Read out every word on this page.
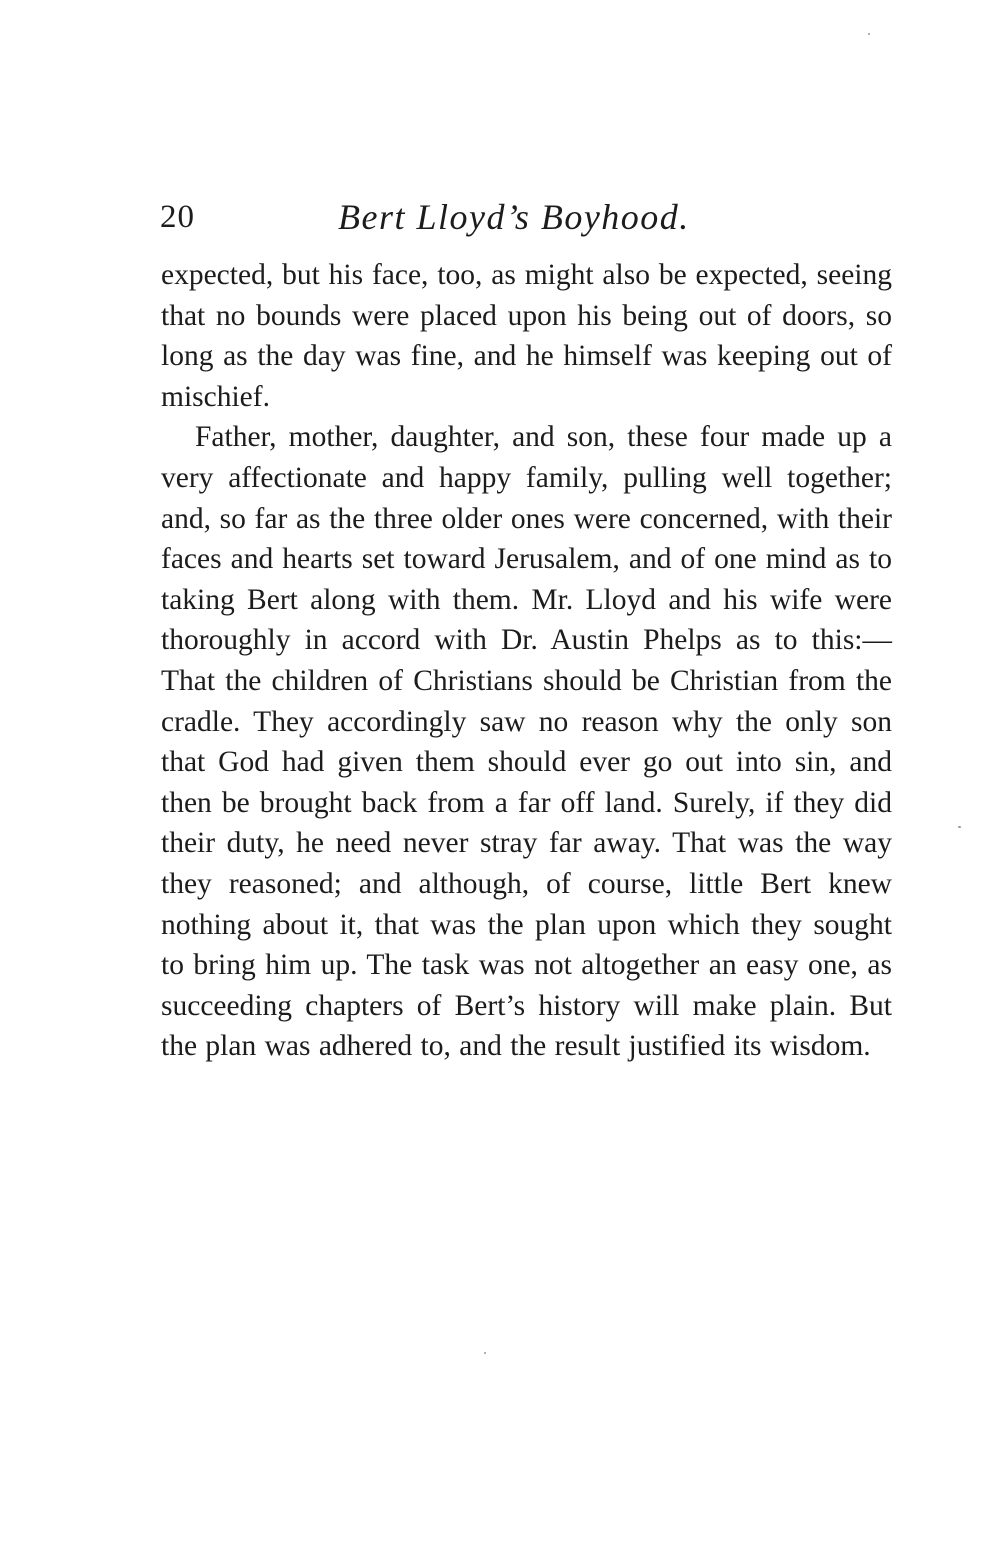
20	Bert Lloyd’s Boyhood.

expected, but his face, too, as might also be expected, seeing that no bounds were placed upon his being out of doors, so long as the day was fine, and he himself was keeping out of mischief.

Father, mother, daughter, and son, these four made up a very affectionate and happy family, pulling well together; and, so far as the three older ones were concerned, with their faces and hearts set toward Jerusalem, and of one mind as to taking Bert along with them. Mr. Lloyd and his wife were thoroughly in accord with Dr. Austin Phelps as to this:—That the children of Christians should be Christian from the cradle. They accordingly saw no reason why the only son that God had given them should ever go out into sin, and then be brought back from a far off land. Surely, if they did their duty, he need never stray far away. That was the way they reasoned; and although, of course, little Bert knew nothing about it, that was the plan upon which they sought to bring him up. The task was not altogether an easy one, as succeeding chapters of Bert’s history will make plain. But the plan was adhered to, and the result justified its wisdom.
